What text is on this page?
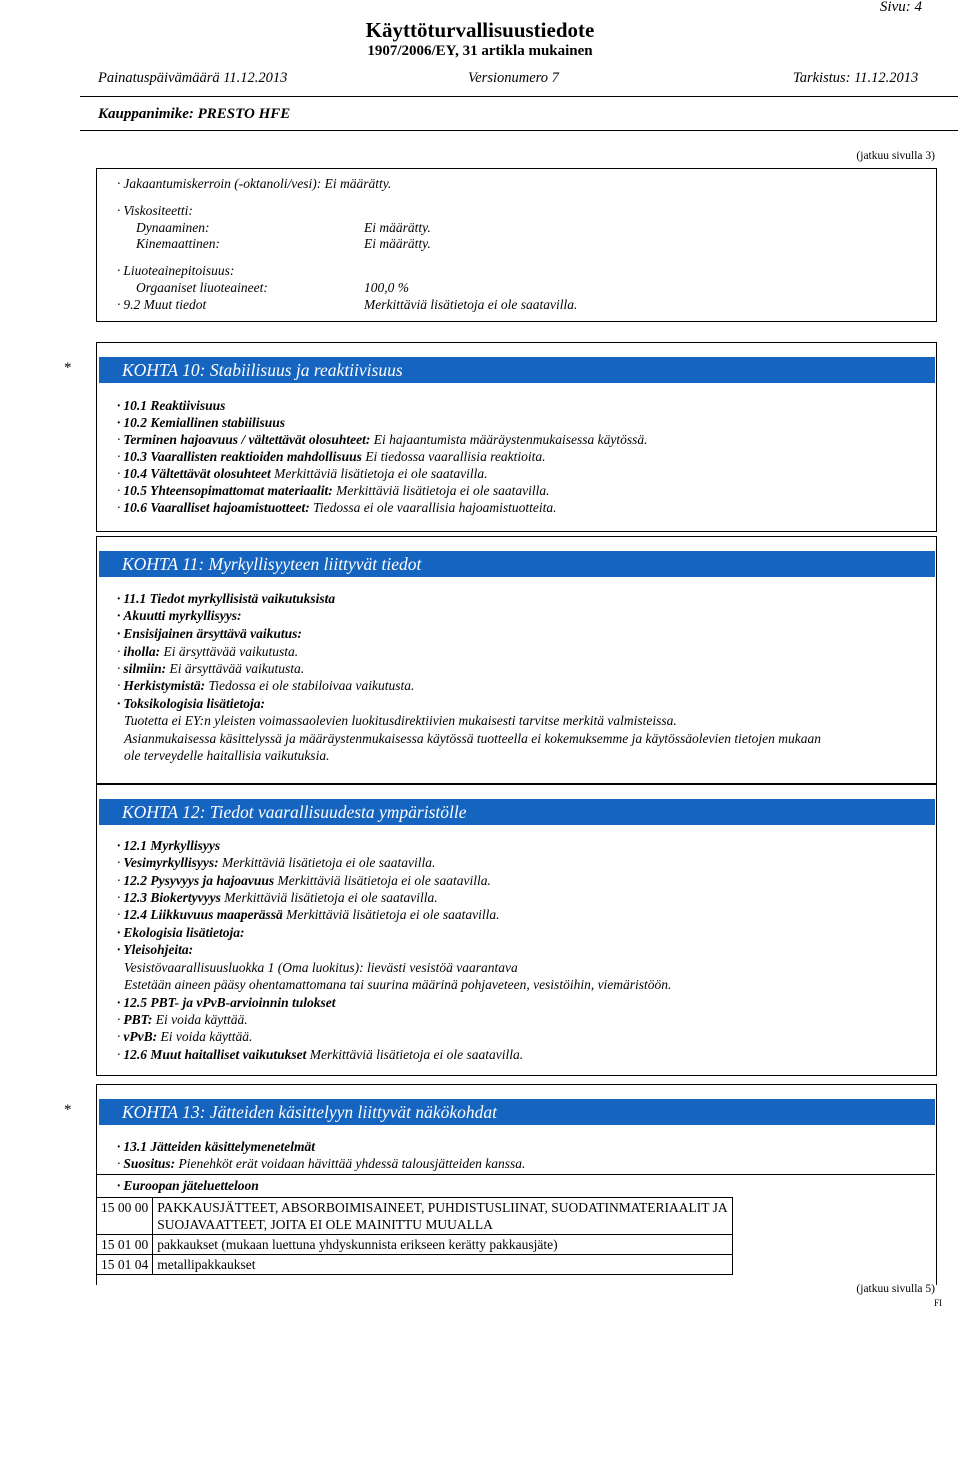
Sivu: 4
Käyttöturvallisuustiedote
1907/2006/EY, 31 artikla mukainen
Painatuspäivämäärä 11.12.2013	Versionumero 7	Tarkistus: 11.12.2013
Kauppanimike: PRESTO HFE
(jatkuu sivulla 3)
· Jakaantumiskerroin (-oktanoli/vesi): Ei määrätty.
· Viskositeetti:
Dynaaminen:	Ei määrätty.
Kinemaattinen:	Ei määrätty.
· Liuoteainepitoisuus:
Orgaaniset liuoteaineet:	100,0 %
· 9.2 Muut tiedot	Merkittäviä lisätietoja ei ole saatavilla.
*	KOHTA 10: Stabiilisuus ja reaktiivisuus
· 10.1 Reaktiivisuus
· 10.2 Kemiallinen stabiilisuus
· Terminen hajoavuus / vältettävät olosuhteet: Ei hajaantumista määräystenmukaisessa käytössä.
· 10.3 Vaarallisten reaktioiden mahdollisuus Ei tiedossa vaarallisia reaktioita.
· 10.4 Vältettävät olosuhteet Merkittäviä lisätietoja ei ole saatavilla.
· 10.5 Yhteensopimattomat materiaalit: Merkittäviä lisätietoja ei ole saatavilla.
· 10.6 Vaaralliset hajoamistuotteet: Tiedossa ei ole vaarallisia hajoamistuotteita.
KOHTA 11: Myrkyllisyyteen liittyvät tiedot
· 11.1 Tiedot myrkyllisistä vaikutuksista
· Akuutti myrkyllisyys:
· Ensisijainen ärsyttävä vaikutus:
· iholla: Ei ärsyttävää vaikutusta.
· silmiin: Ei ärsyttävää vaikutusta.
· Herkistymistä: Tiedossa ei ole stabiloivaa vaikutusta.
· Toksikologisia lisätietoja:
Tuotetta ei EY:n yleisten voimassaolevien luokitusdirektiivien mukaisesti tarvitse merkitä valmisteissa.
Asianmukaisessa käsittelyssä ja määräystenmukaisessa käytössä tuotteella ei kokemuksemme ja käytössäolevien tietojen mukaan
ole terveydelle haitallisia vaikutuksia.
KOHTA 12: Tiedot vaarallisuudesta ympäristölle
· 12.1 Myrkyllisyys
· Vesimyrkyllisyys: Merkittäviä lisätietoja ei ole saatavilla.
· 12.2 Pysyvyys ja hajoavuus Merkittäviä lisätietoja ei ole saatavilla.
· 12.3 Biokertyvyys Merkittäviä lisätietoja ei ole saatavilla.
· 12.4 Liikkuvuus maaperässä Merkittäviä lisätietoja ei ole saatavilla.
· Ekologisia lisätietoja:
· Yleisohjeita:
Vesistövaarallisuusluokka 1 (Oma luokitus): lievästi vesistöä vaarantava
Estetään aineen pääsy ohentamattomana tai suurina määrinä pohjaveteen, vesistöihin, viemäristöön.
· 12.5 PBT- ja vPvB-arvioinnin tulokset
· PBT: Ei voida käyttää.
· vPvB: Ei voida käyttää.
· 12.6 Muut haitalliset vaikutukset Merkittäviä lisätietoja ei ole saatavilla.
*	KOHTA 13: Jätteiden käsittelyyn liittyvät näkökohdat
· 13.1 Jätteiden käsittelymenetelmät
· Suositus: Pienehköt erät voidaan hävittää yhdessä talousjätteiden kanssa.
· Euroopan jäteluetteloon
15 00 00	PAKKAUSJÄTTEET, ABSORBOIMISAINEET, PUHDISTUSLIINAT, SUODATINMATERIAALIT JA
SUOJAVAATTEET, JOITA EI OLE MAINITTU MUUALLA

15 01 00	pakkaukset (mukaan luettuna yhdyskunnista erikseen kerätty pakkausjäte)
15 01 04	metallipakkaukset
(jatkuu sivulla 5)
FI
